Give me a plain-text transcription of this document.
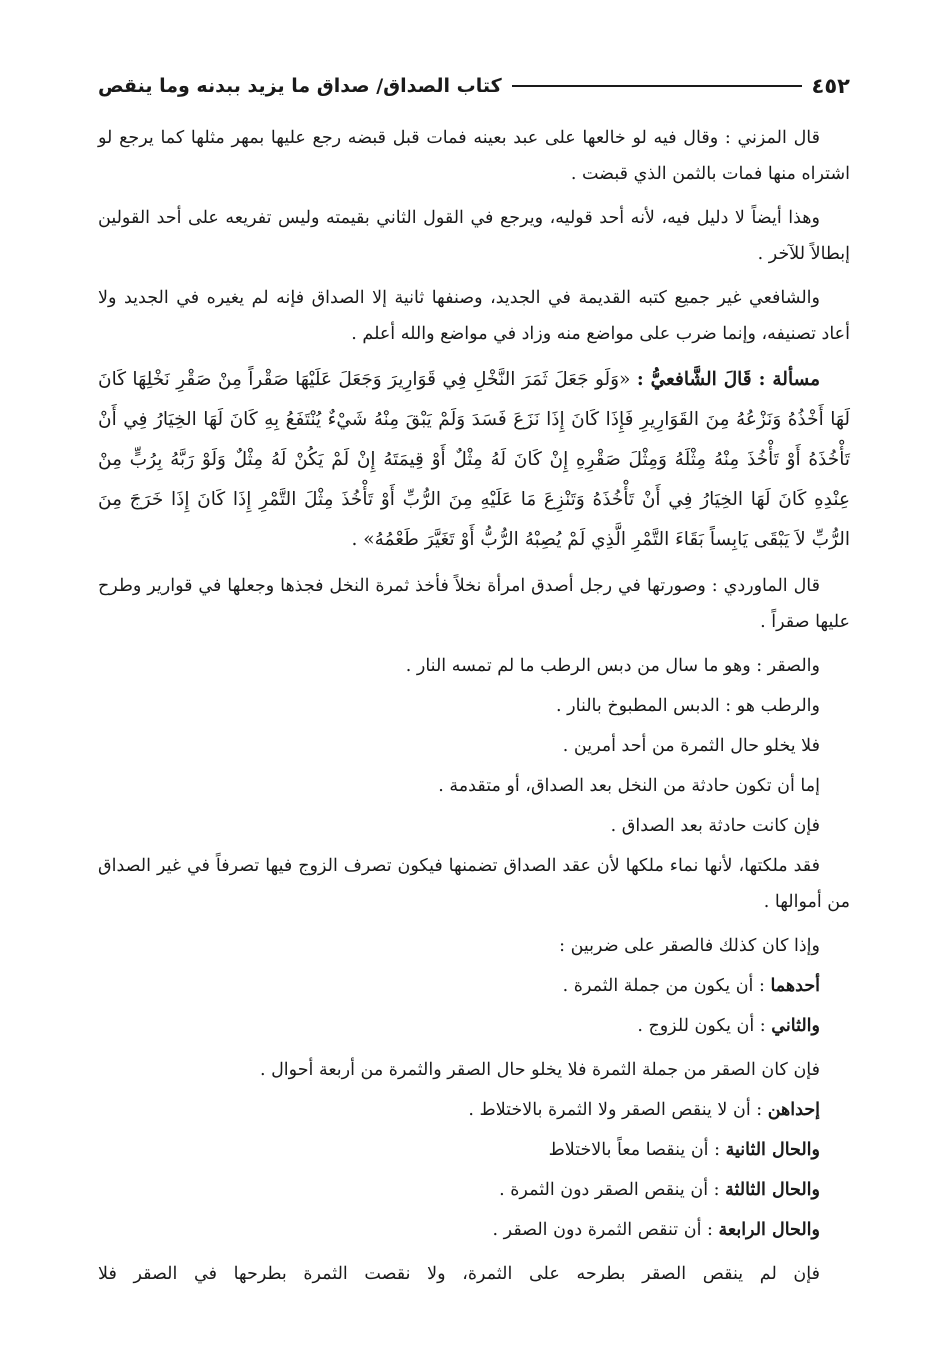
٤٥٢
كتاب الصداق/ صداق ما يزيد ببدنه وما ينقص

قال المزني : وقال فيه لو خالعها على عبد بعينه فمات قبل قبضه رجع عليها بمهر مثلها كما يرجع لو اشتراه منها فمات بالثمن الذي قبضت .

وهذا أيضاً لا دليل فيه، لأنه أحد قوليه، ويرجع في القول الثاني بقيمته وليس تفريعه على أحد القولين إبطالاً للآخر .

والشافعي غير جميع كتبه القديمة في الجديد، وصنفها ثانية إلا الصداق فإنه لم يغيره في الجديد ولا أعاد تصنيفه، وإنما ضرب على مواضع منه وزاد في مواضع والله أعلم .

مسألة : قَالَ الشَّافعيُّ : «وَلَو جَعَلَ ثَمَرَ النَّخْلِ فِي قَوَارِيرَ وَجَعَلَ عَلَيْهَا صَقْراً مِنْ صَقْرِ نَخْلِهَا كَانَ لَهَا أَخْذُهُ وَنَزْعُهُ مِنَ القَوَارِيرِ فَإِذَا كَانَ إِذَا نَزَعَ فَسَدَ وَلَمْ يَبْقَ مِنْهُ شَيْءٌ يُنْتَفَعُ بِهِ كَانَ لَهَا الخِيَارُ فِي أَنْ تَأْخُذَهُ أَوْ تَأْخُذَ مِنْهُ مِثْلَهُ وَمِثْلَ صَقْرِهِ إِنْ كَانَ لَهُ مِثْلٌ أَوْ قِيمَتَهُ إِنْ لَمْ يَكُنْ لَهُ مِثْلٌ وَلَوْ رَبَّهُ بِرُبٍّ مِنْ عِنْدِهِ كَانَ لَهَا الخِيَارُ فِي أَنْ تَأْخُذَهُ وَتَنْزِعَ مَا عَلَيْهِ مِنَ الرُّبِّ أَوْ تَأْخُذَ مِثْلَ التَّمْرِ إِذَا كَانَ إِذَا خَرَجَ مِنَ الرُّبِّ لاَ يَبْقَى يَابِساً بَقَاءَ التَّمْرِ الَّذِي لَمْ يُصِبْهُ الرُّبُّ أَوْ تَغَيَّرَ طَعْمُهُ» .

قال الماوردي : وصورتها في رجل أصدق امرأة نخلاً فأخذ ثمرة النخل فجذها وجعلها في قوارير وطرح عليها صقراً .

والصقر : وهو ما سال من دبس الرطب ما لم تمسه النار .

والرطب هو : الدبس المطبوخ بالنار .

فلا يخلو حال الثمرة من أحد أمرين .

إما أن تكون حادثة من النخل بعد الصداق، أو متقدمة .

فإن كانت حادثة بعد الصداق .

فقد ملكتها، لأنها نماء ملكها لأن عقد الصداق تضمنها فيكون تصرف الزوج فيها تصرفاً في غير الصداق من أموالها .

وإذا كان كذلك فالصقر على ضربين :

أحدهما : أن يكون من جملة الثمرة .

والثاني : أن يكون للزوج .

فإن كان الصقر من جملة الثمرة فلا يخلو حال الصقر والثمرة من أربعة أحوال .

إحداهن : أن لا ينقص الصقر ولا الثمرة بالاختلاط .

والحال الثانية : أن ينقصا معاً بالاختلاط

والحال الثالثة : أن ينقص الصقر دون الثمرة .

والحال الرابعة : أن تنقص الثمرة دون الصقر .

فإن لم ينقص الصقر بطرحه على الثمرة، ولا نقصت الثمرة بطرحها في الصقر فلا
